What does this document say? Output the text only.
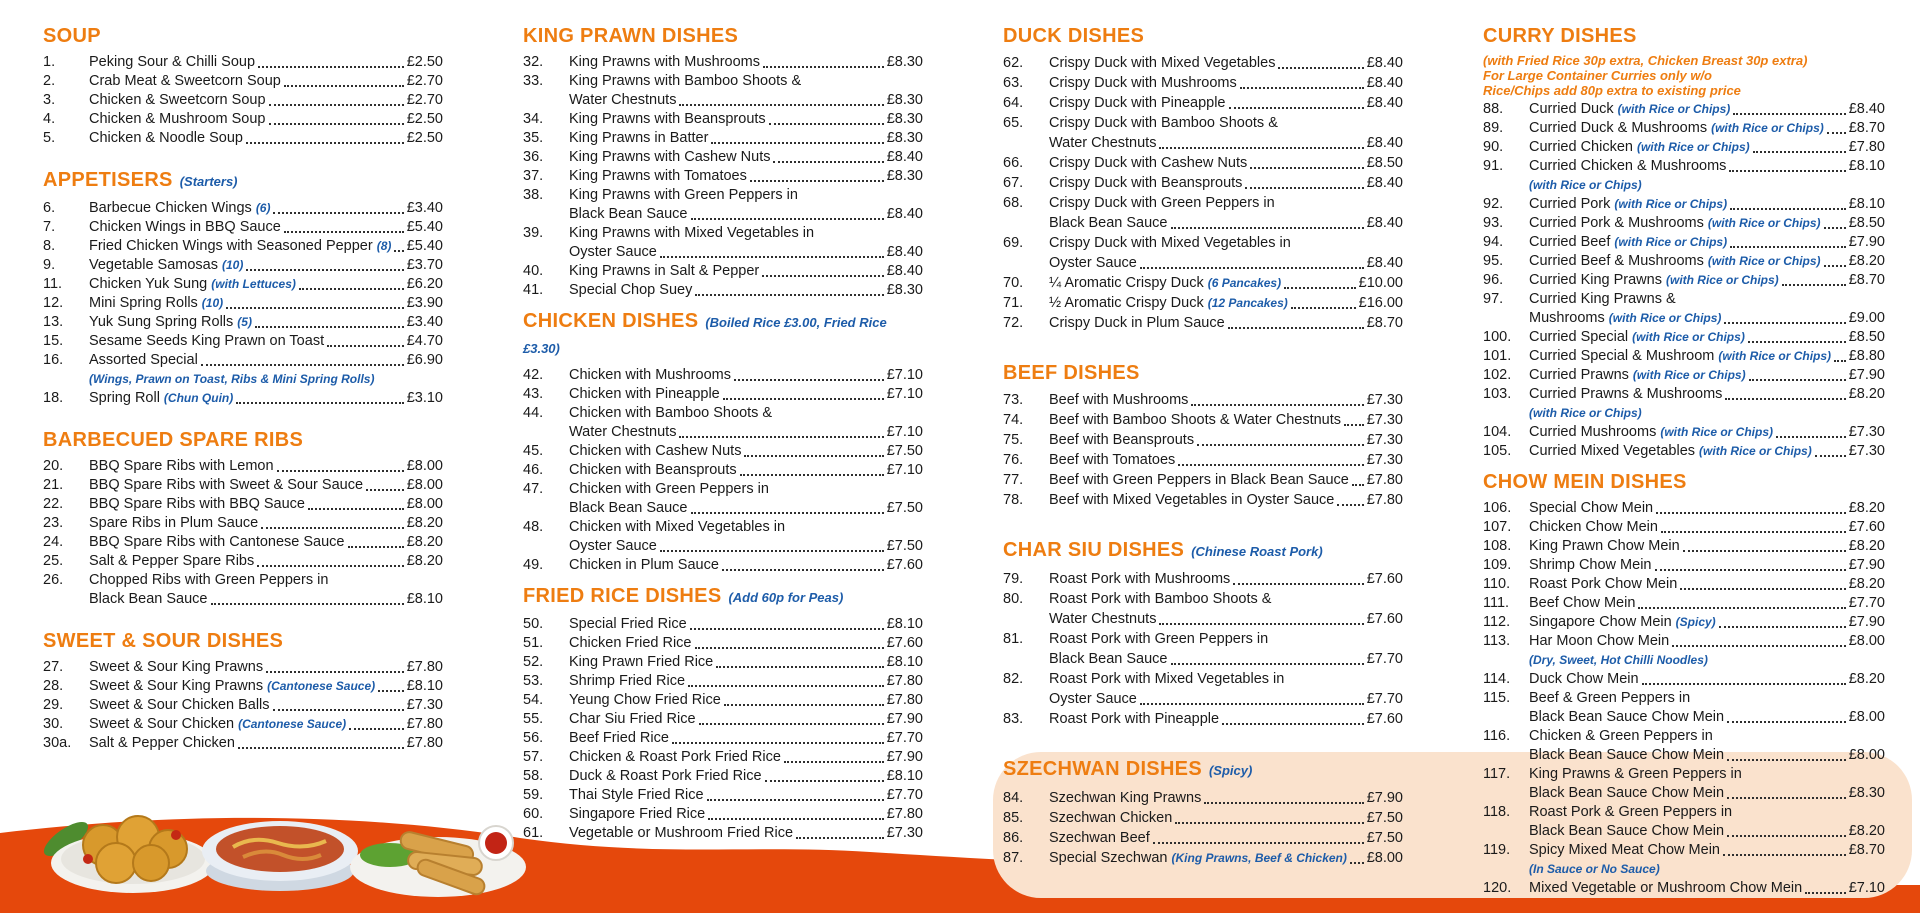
SOUP
1.	Peking Sour & Chilli Soup	£2.50
2.	Crab Meat & Sweetcorn Soup	£2.70
3.	Chicken & Sweetcorn Soup	£2.70
4.	Chicken & Mushroom Soup	£2.50
5.	Chicken & Noodle Soup	£2.50
APPETISERS (Starters)
6.	Barbecue Chicken Wings (6)	£3.40
7.	Chicken Wings in BBQ Sauce	£5.40
8.	Fried Chicken Wings with Seasoned Pepper (8) £5.40
9.	Vegetable Samosas (10)	£3.70
11.	Chicken Yuk Sung (with Lettuces)	£6.20
12.	Mini Spring Rolls (10)	£3.90
13.	Yuk Sung Spring Rolls (5)	£3.40
15.	Sesame Seeds King Prawn on Toast	£4.70
16.	Assorted Special	£6.90
(Wings, Prawn on Toast, Ribs & Mini Spring Rolls)
18.	Spring Roll (Chun Quin)	£3.10
BARBECUED SPARE RIBS
20.	BBQ Spare Ribs with Lemon	£8.00
21.	BBQ Spare Ribs with Sweet & Sour Sauce	£8.00
22.	BBQ Spare Ribs with BBQ Sauce	£8.00
23.	Spare Ribs in Plum Sauce	£8.20
24.	BBQ Spare Ribs with Cantonese Sauce	£8.20
25.	Salt & Pepper Spare Ribs	£8.20
26.	Chopped Ribs with Green Peppers in
Black Bean Sauce	£8.10
SWEET & SOUR DISHES
27.	Sweet & Sour King Prawns	£7.80
28.	Sweet & Sour King Prawns (Cantonese Sauce) £8.10
29.	Sweet & Sour Chicken Balls	£7.30
30.	Sweet & Sour Chicken (Cantonese Sauce)	£7.80
30a.	Salt & Pepper Chicken	£7.80
KING PRAWN DISHES
32.	King Prawns with Mushrooms	£8.30
33.	King Prawns with Bamboo Shoots &
Water Chestnuts	£8.30
34.	King Prawns with Beansprouts	£8.30
35.	King Prawns in Batter	£8.30
36.	King Prawns with Cashew Nuts	£8.40
37.	King Prawns with Tomatoes	£8.30
38.	King Prawns with Green Peppers in
Black Bean Sauce	£8.40
39.	King Prawns with Mixed Vegetables in
Oyster Sauce	£8.40
40.	King Prawns in Salt & Pepper	£8.40
41.	Special Chop Suey	£8.30
CHICKEN DISHES (Boiled Rice £3.00, Fried Rice £3.30)
42.	Chicken with Mushrooms	£7.10
43.	Chicken with Pineapple	£7.10
44.	Chicken with Bamboo Shoots &
Water Chestnuts	£7.10
45.	Chicken with Cashew Nuts	£7.50
46.	Chicken with Beansprouts	£7.10
47.	Chicken with Green Peppers in
Black Bean Sauce	£7.50
48.	Chicken with Mixed Vegetables in
Oyster Sauce	£7.50
49.	Chicken in Plum Sauce	£7.60
FRIED RICE DISHES (Add 60p for Peas)
50.	Special Fried Rice	£8.10
51.	Chicken Fried Rice	£7.60
52.	King Prawn Fried Rice	£8.10
53.	Shrimp Fried Rice	£7.80
54.	Yeung Chow Fried Rice	£7.80
55.	Char Siu Fried Rice	£7.90
56.	Beef Fried Rice	£7.70
57.	Chicken & Roast Pork Fried Rice	£7.90
58.	Duck & Roast Pork Fried Rice	£8.10
59.	Thai Style Fried Rice	£7.70
60.	Singapore Fried Rice	£7.80
61.	Vegetable or Mushroom Fried Rice	£7.30
DUCK DISHES
62.	Crispy Duck with Mixed Vegetables	£8.40
63.	Crispy Duck with Mushrooms	£8.40
64.	Crispy Duck with Pineapple	£8.40
65.	Crispy Duck with Bamboo Shoots &
Water Chestnuts	£8.40
66.	Crispy Duck with Cashew Nuts	£8.50
67.	Crispy Duck with Beansprouts	£8.40
68.	Crispy Duck with Green Peppers in
Black Bean Sauce	£8.40
69.	Crispy Duck with Mixed Vegetables in
Oyster Sauce	£8.40
70.	¼ Aromatic Crispy Duck (6 Pancakes)	£10.00
71.	½ Aromatic Crispy Duck (12 Pancakes)	£16.00
72.	Crispy Duck in Plum Sauce	£8.70
BEEF DISHES
73.	Beef with Mushrooms	£7.30
74.	Beef with Bamboo Shoots & Water Chestnuts £7.30
75.	Beef with Beansprouts	£7.30
76.	Beef with Tomatoes	£7.30
77.	Beef with Green Peppers in Black Bean Sauce £7.80
78.	Beef with Mixed Vegetables in Oyster Sauce £7.80
CHAR SIU DISHES (Chinese Roast Pork)
79.	Roast Pork with Mushrooms	£7.60
80.	Roast Pork with Bamboo Shoots &
Water Chestnuts	£7.60
81.	Roast Pork with Green Peppers in
Black Bean Sauce	£7.70
82.	Roast Pork with Mixed Vegetables in
Oyster Sauce	£7.70
83.	Roast Pork with Pineapple	£7.60
SZECHWAN DISHES (Spicy)
84.	Szechwan King Prawns	£7.90
85.	Szechwan Chicken	£7.50
86.	Szechwan Beef	£7.50
87.	Special Szechwan (King Prawns, Beef & Chicken) £8.00
CURRY DISHES
(with Fried Rice 30p extra, Chicken Breast 30p extra)
For Large Container Curries only w/o
Rice/Chips add 80p extra to existing price
88.	Curried Duck (with Rice or Chips)	£8.40
89.	Curried Duck & Mushrooms (with Rice or Chips) £8.70
90.	Curried Chicken (with Rice or Chips)	£7.80
91.	Curried Chicken & Mushrooms	£8.10
(with Rice or Chips)
92.	Curried Pork (with Rice or Chips)	£8.10
93.	Curried Pork & Mushrooms (with Rice or Chips) £8.50
94.	Curried Beef (with Rice or Chips)	£7.90
95.	Curried Beef & Mushrooms (with Rice or Chips) £8.20
96.	Curried King Prawns (with Rice or Chips)	£8.70
97.	Curried King Prawns &
Mushrooms (with Rice or Chips)	£9.00
100.	Curried Special (with Rice or Chips)	£8.50
101.	Curried Special & Mushroom (with Rice or Chips) £8.80
102.	Curried Prawns (with Rice or Chips)	£7.90
103.	Curried Prawns & Mushrooms	£8.20
(with Rice or Chips)
104.	Curried Mushrooms (with Rice or Chips)	£7.30
105.	Curried Mixed Vegetables (with Rice or Chips)	£7.30
CHOW MEIN DISHES
106.	Special Chow Mein	£8.20
107.	Chicken Chow Mein	£7.60
108.	King Prawn Chow Mein	£8.20
109.	Shrimp Chow Mein	£7.90
110.	Roast Pork Chow Mein	£8.20
111.	Beef Chow Mein	£7.70
112.	Singapore Chow Mein (Spicy)	£7.90
113.	Har Moon Chow Mein	£8.00
(Dry, Sweet, Hot Chilli Noodles)
114.	Duck Chow Mein	£8.20
115.	Beef & Green Peppers in
Black Bean Sauce Chow Mein	£8.00
116.	Chicken & Green Peppers in
Black Bean Sauce Chow Mein	£8.00
117.	King Prawns & Green Peppers in
Black Bean Sauce Chow Mein	£8.30
118.	Roast Pork & Green Peppers in
Black Bean Sauce Chow Mein	£8.20
119.	Spicy Mixed Meat Chow Mein	£8.70
(In Sauce or No Sauce)
120.	Mixed Vegetable or Mushroom Chow Mein	£7.10
